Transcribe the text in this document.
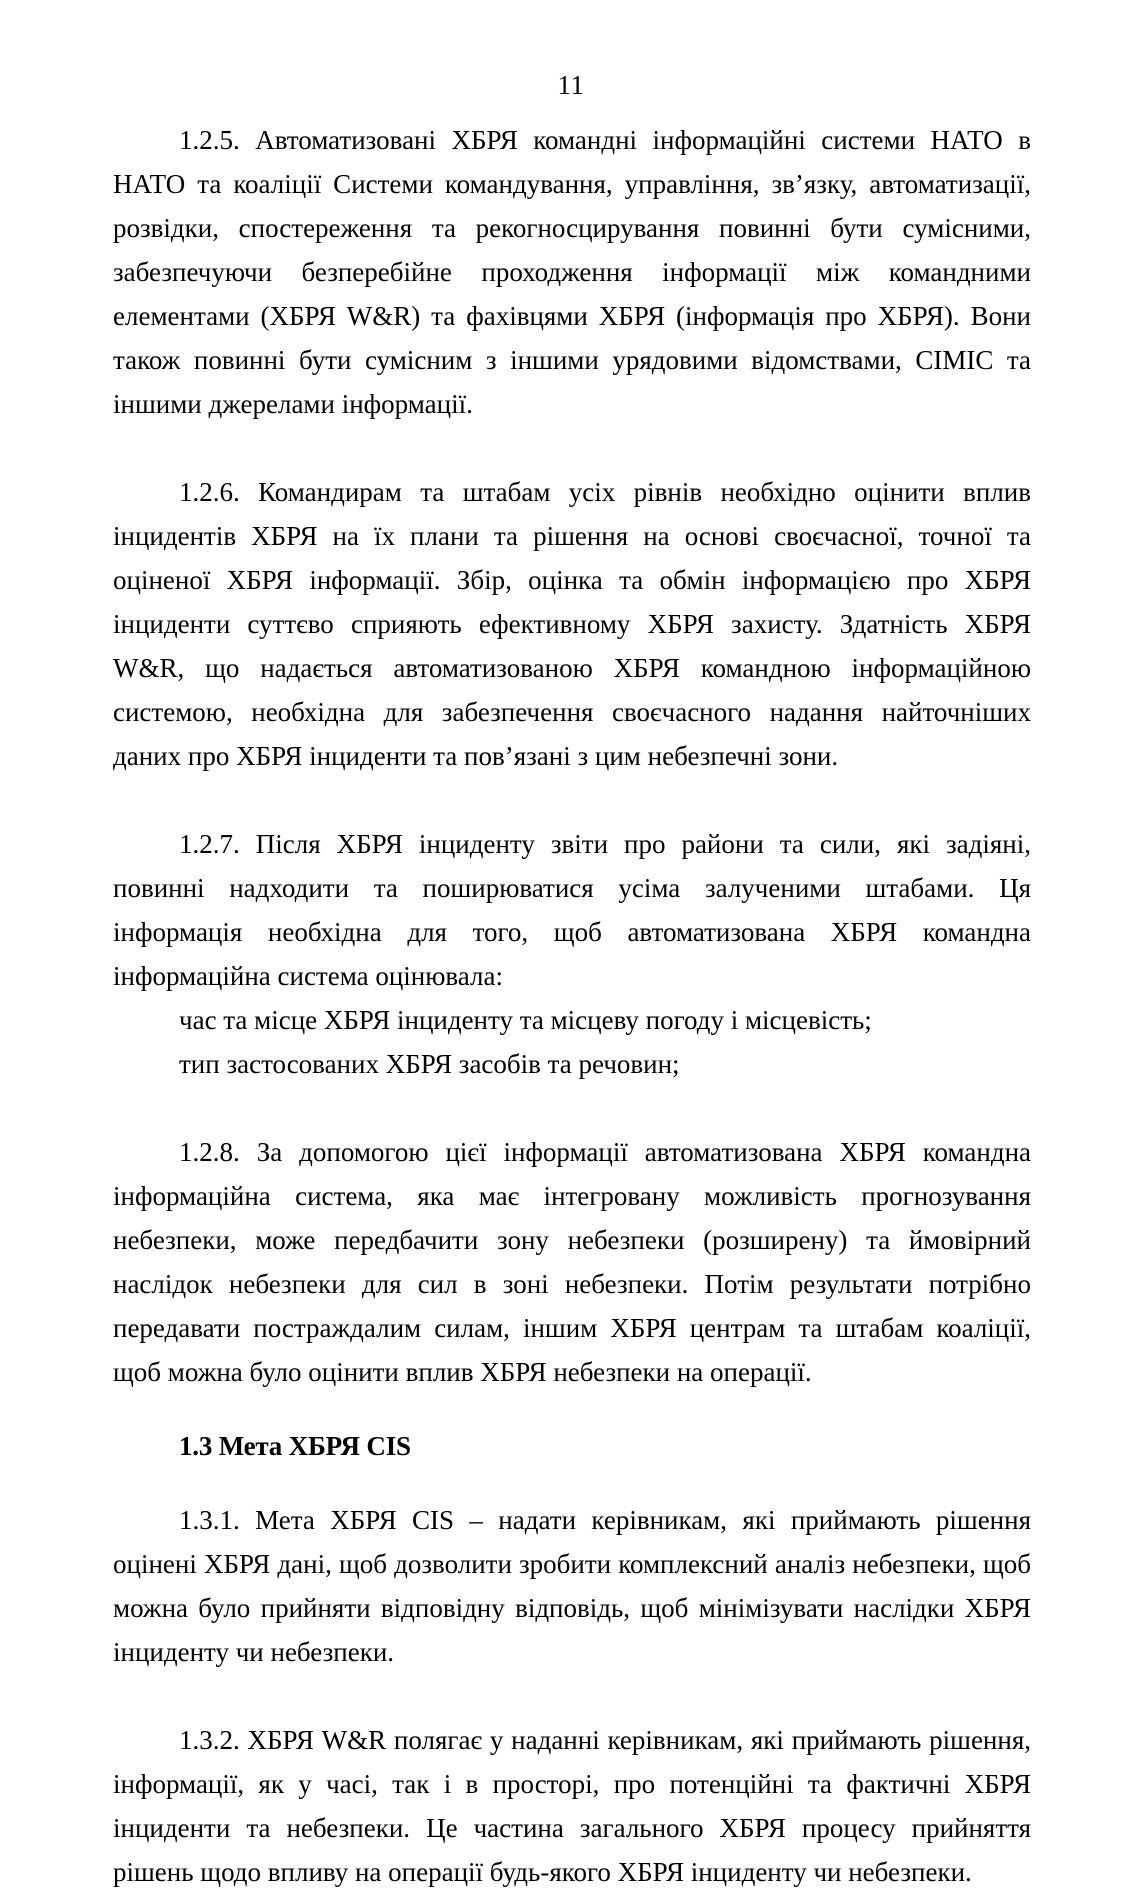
11

1.2.5. Автоматизовані ХБРЯ командні інформаційні системи НАТО в НАТО та коаліції Системи командування, управління, зв’язку, автоматизації, розвідки, спостереження та рекогносцирування повинні бути сумісними, забезпечуючи безперебійне проходження інформації між командними елементами (ХБРЯ W&R) та фахівцями ХБРЯ (інформація про ХБРЯ). Вони також повинні бути сумісним з іншими урядовими відомствами, СІМІС та іншими джерелами інформації.

1.2.6. Командирам та штабам усіх рівнів необхідно оцінити вплив інцидентів ХБРЯ на їх плани та рішення на основі своєчасної, точної та оціненої ХБРЯ інформації. Збір, оцінка та обмін інформацією про ХБРЯ інциденти суттєво сприяють ефективному ХБРЯ захисту. Здатність ХБРЯ W&R, що надається автоматизованою ХБРЯ командною інформаційною системою, необхідна для забезпечення своєчасного надання найточніших даних про ХБРЯ інциденти та пов’язані з цим небезпечні зони.

1.2.7. Після ХБРЯ інциденту звіти про райони та сили, які задіяні, повинні надходити та поширюватися усіма залученими штабами. Ця інформація необхідна для того, щоб автоматизована ХБРЯ командна інформаційна система оцінювала:

час та місце ХБРЯ інциденту та місцеву погоду і місцевість;
тип застосованих ХБРЯ засобів та речовин;

1.2.8. За допомогою цієї інформації автоматизована ХБРЯ командна інформаційна система, яка має інтегровану можливість прогнозування небезпеки, може передбачити зону небезпеки (розширену) та ймовірний наслідок небезпеки для сил в зоні небезпеки. Потім результати потрібно передавати постраждалим силам, іншим ХБРЯ центрам та штабам коаліції, щоб можна було оцінити вплив ХБРЯ небезпеки на операції.

1.3 Мета ХБРЯ CIS

1.3.1. Мета ХБРЯ CIS – надати керівникам, які приймають рішення оцінені ХБРЯ дані, щоб дозволити зробити комплексний аналіз небезпеки, щоб можна було прийняти відповідну відповідь, щоб мінімізувати наслідки ХБРЯ інциденту чи небезпеки.

1.3.2. ХБРЯ W&R полягає у наданні керівникам, які приймають рішення, інформації, як у часі, так і в просторі, про потенційні та фактичні ХБРЯ інциденти та небезпеки. Це частина загального ХБРЯ процесу прийняття рішень щодо впливу на операції будь-якого ХБРЯ інциденту чи небезпеки.
